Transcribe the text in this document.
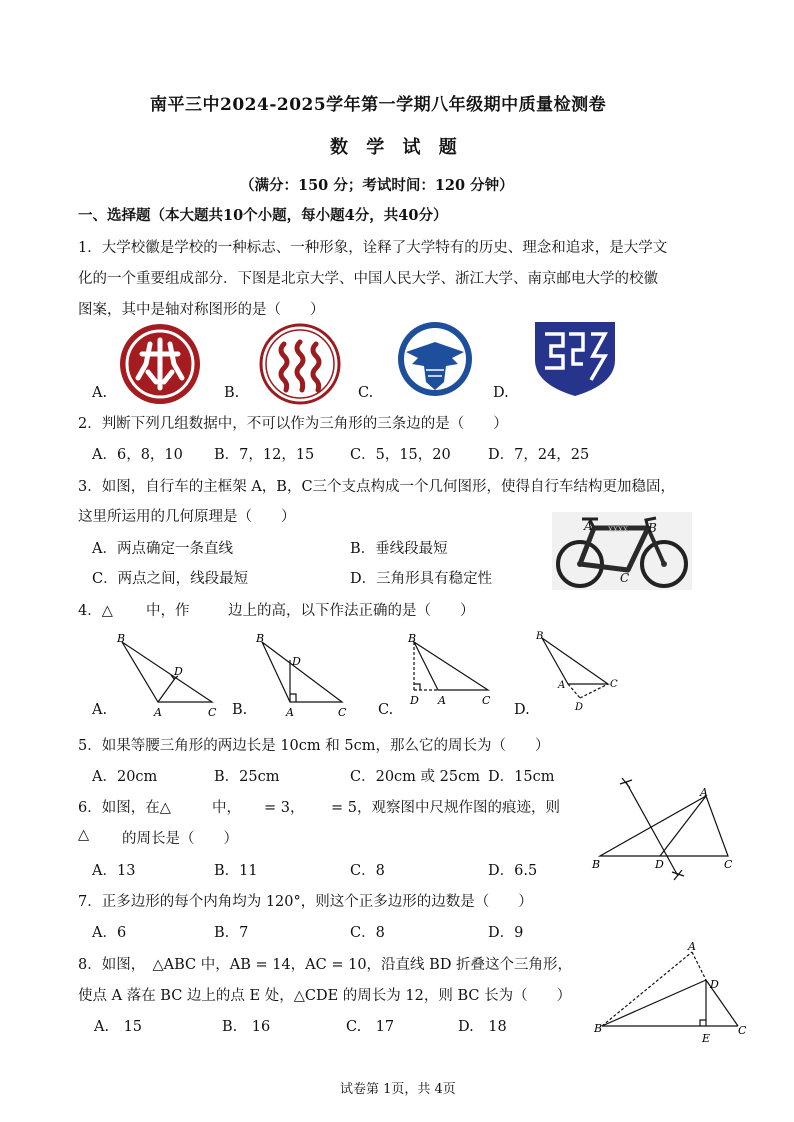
南平三中2024-2025学年第一学期八年级期中质量检测卷
数 学 试 题
（满分：150 分；考试时间：120 分钟）
一、选择题（本大题共10个小题，每小题4分，共40分）
1．大学校徽是学校的一种标志、一种形象，诠释了大学特有的历史、理念和追求，是大学文
化的一个重要组成部分．下图是北京大学、中国人民大学、浙江大学、南京邮电大学的校徽
图案，其中是轴对称图形的是（　　）
A.	B.	C.	D.
2．判断下列几组数据中，不可以作为三角形的三条边的是（　　）
A．6，8，10 B．7，12，15 C．5，15，20	D．7，24，25
3．如图，自行车的主框架 A，B，C三个支点构成一个几何图形，使得自行车结构更加稳固，
这里所运用的几何原理是（　　）
A．两点确定一条直线	B．垂线段最短
C．两点之间，线段最短	D．三角形具有稳定性
XXXX
A	B
C
4．△ 中，作	边上的高，以下作法正确的是（　　）
A.	B.	C.	D.
B
D
A	C
B
D
A	C
B
D A	C
B
A	C
D
5．如果等腰三角形的两边长是 10cm 和 5cm，那么它的周长为（　　）
A．20cm	B．25cm	C．20cm 或 25cm D．15cm
6．如图，在△	中， = 3， = 5，观察图中尺规作图的痕迹，则
△ 的周长是（　　）
A．13	B．11	C．8	D．6.5
A
B	D	C
7．正多边形的每个内角均为 120°，则这个正多边形的边数是（　　）
A．6	B．7	C．8	D．9
8．如图，　△ABC 中，AB = 14，AC = 10，沿直线 BD 折叠这个三角形，
使点 A 落在 BC 边上的点 E 处，△CDE 的周长为 12，则 BC 长为（　　）
A.　15	B.　16	C.　17	D.　18
A
B
D
E
C
试卷第 1页，共 4页
